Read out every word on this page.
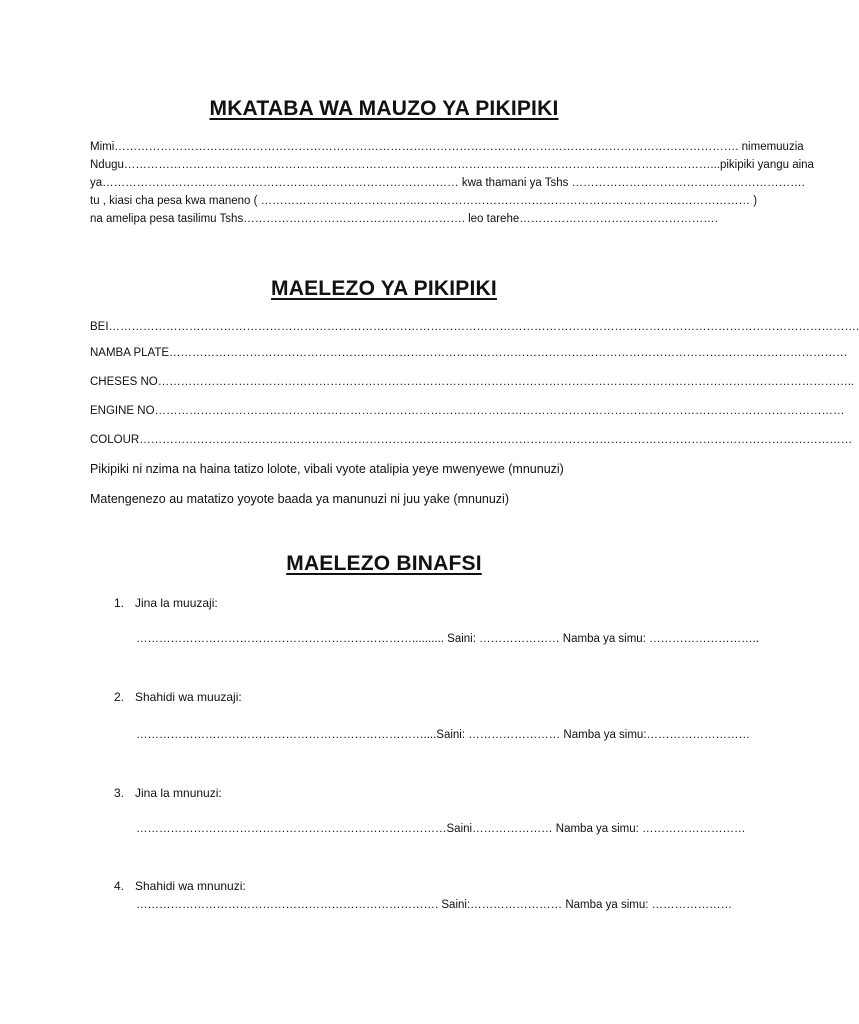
MKATABA WA MAUZO YA PIKIPIKI
Mimi………………………………………………………………………………………………………………………………………………. nimemuuzia
Ndugu………………………………………………………………………………………………………………………………………...pikipiki yangu aina
ya………………………………………………………………………………… kwa thamani ya Tshs …………………………………………………….
tu , kiasi cha pesa kwa maneno ( …………………………………..…………………………………………………………………………… )
na amelipa pesa tasilimu Tshs…………………………………………………. leo tarehe…………………………………………….
MAELEZO YA PIKIPIKI
BEI…………………………………………………………………………………………………………………………………………………………………………….
NAMBA PLATE……………………………………………………………………………………………………………………………………………………………
CHESES NO………………………………………………………………………………………………………………………………………………………………..
ENGINE NO………………………………………………………………………………………………………………………………………………………………
COLOUR……………………………………………………………………………………………………………………………………………………………………
Pikipiki ni nzima na haina tatizo lolote, vibali vyote atalipia yeye mwenyewe (mnunuzi)
Matengenezo au matatizo yoyote baada ya manunuzi ni juu yake (mnunuzi)
MAELEZO BINAFSI
1. Jina la muuzaji:
……………………………………………………………….......... Saini: ………………… Namba ya simu: ………………………..
2. Shahidi wa muuzaji:
…………………………………………………………………....Saini: …………………… Namba ya simu:………………………
3. Jina la mnunuzi:
………………………………………………………………………Saini………………… Namba ya simu: ………………………
4. Shahidi wa mnunuzi:
……………………………………………………………………. Saini:…………………… Namba ya simu: …………………
